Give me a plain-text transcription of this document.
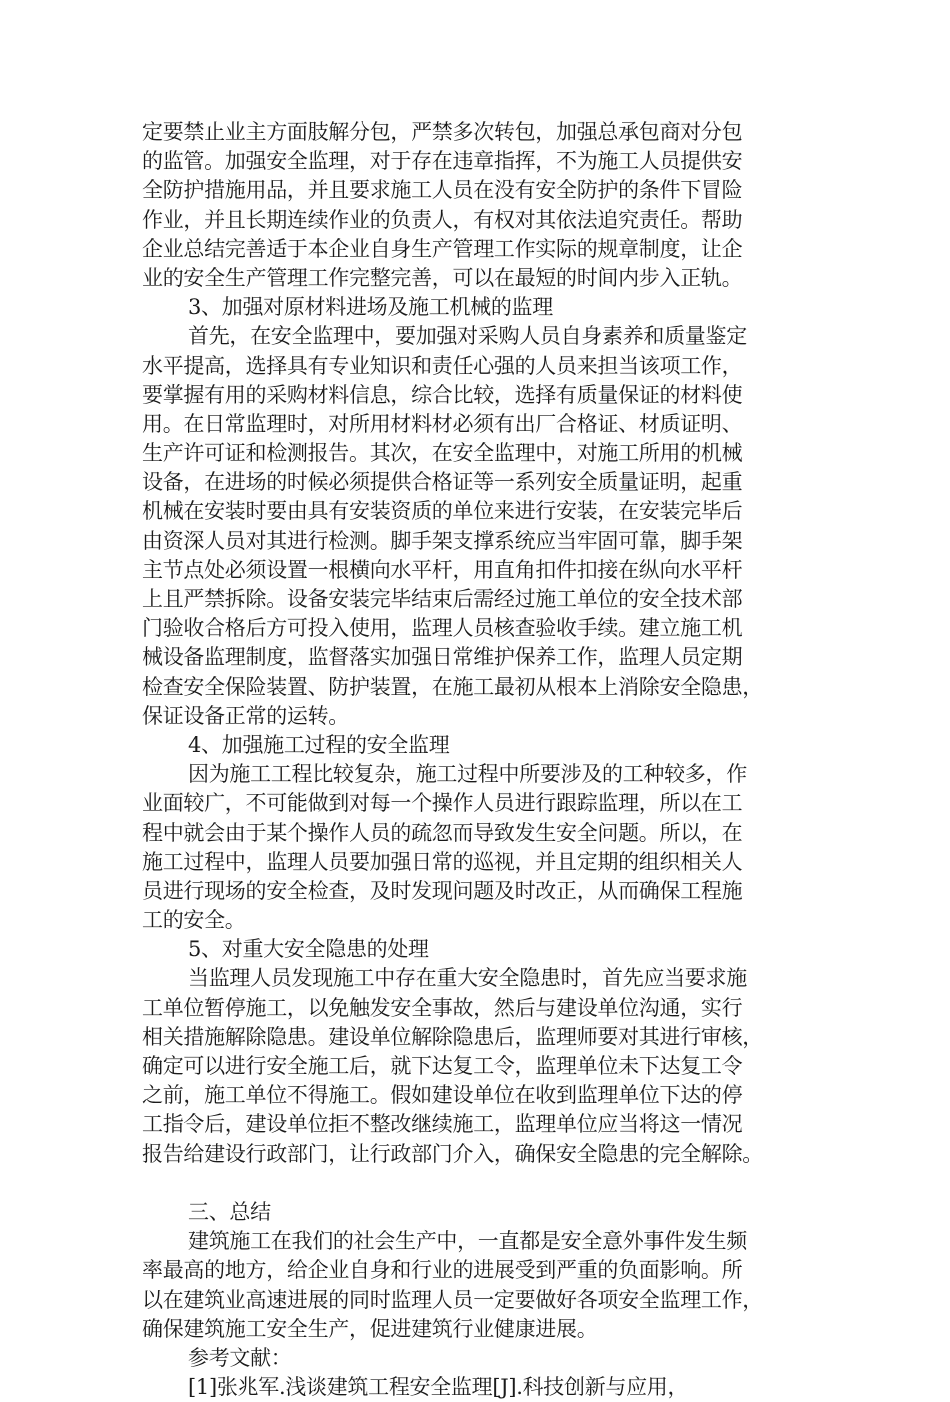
定要禁止业主方面肢解分包，严禁多次转包，加强总承包商对分包
的监管。加强安全监理，对于存在违章指挥，不为施工人员提供安
全防护措施用品，并且要求施工人员在没有安全防护的条件下冒险
作业，并且长期连续作业的负责人，有权对其依法追究责任。帮助
企业总结完善适于本企业自身生产管理工作实际的规章制度，让企
业的安全生产管理工作完整完善，可以在最短的时间内步入正轨。
3、加强对原材料进场及施工机械的监理
首先，在安全监理中，要加强对采购人员自身素养和质量鉴定
水平提高，选择具有专业知识和责任心强的人员来担当该项工作，
要掌握有用的采购材料信息，综合比较，选择有质量保证的材料使
用。在日常监理时，对所用材料材必须有出厂合格证、材质证明、
生产许可证和检测报告。其次，在安全监理中，对施工所用的机械
设备，在进场的时候必须提供合格证等一系列安全质量证明，起重
机械在安装时要由具有安装资质的单位来进行安装，在安装完毕后
由资深人员对其进行检测。脚手架支撑系统应当牢固可靠，脚手架
主节点处必须设置一根横向水平杆，用直角扣件扣接在纵向水平杆
上且严禁拆除。设备安装完毕结束后需经过施工单位的安全技术部
门验收合格后方可投入使用，监理人员核查验收手续。建立施工机
械设备监理制度，监督落实加强日常维护保养工作，监理人员定期
检查安全保险装置、防护装置，在施工最初从根本上消除安全隐患，
保证设备正常的运转。
4、加强施工过程的安全监理
因为施工工程比较复杂，施工过程中所要涉及的工种较多，作
业面较广，不可能做到对每一个操作人员进行跟踪监理，所以在工
程中就会由于某个操作人员的疏忽而导致发生安全问题。所以，在
施工过程中，监理人员要加强日常的巡视，并且定期的组织相关人
员进行现场的安全检查，及时发现问题及时改正，从而确保工程施
工的安全。
5、对重大安全隐患的处理
当监理人员发现施工中存在重大安全隐患时，首先应当要求施
工单位暂停施工，以免触发安全事故，然后与建设单位沟通，实行
相关措施解除隐患。建设单位解除隐患后，监理师要对其进行审核，
确定可以进行安全施工后，就下达复工令，监理单位未下达复工令
之前，施工单位不得施工。假如建设单位在收到监理单位下达的停
工指令后，建设单位拒不整改继续施工，监理单位应当将这一情况
报告给建设行政部门，让行政部门介入，确保安全隐患的完全解除。
三、总结
建筑施工在我们的社会生产中，一直都是安全意外事件发生频
率最高的地方，给企业自身和行业的进展受到严重的负面影响。所
以在建筑业高速进展的同时监理人员一定要做好各项安全监理工作，
确保建筑施工安全生产，促进建筑行业健康进展。
参考文献：
[1]张兆军.浅谈建筑工程安全监理[J].科技创新与应用，
